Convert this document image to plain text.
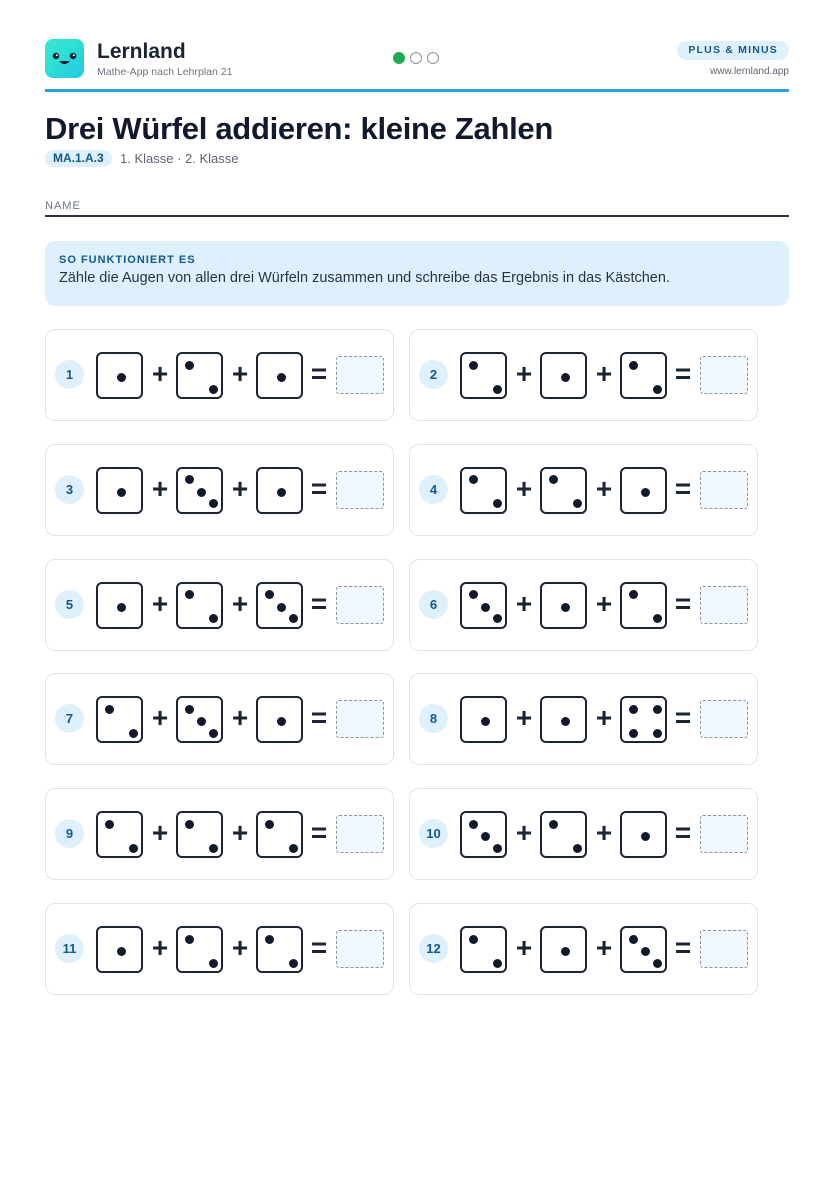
Lernland
Mathe-App nach Lehrplan 21
PLUS & MINUS
www.lernland.app
Drei Würfel addieren: kleine Zahlen
MA.1.A.3	1. Klasse · 2. Klasse
NAME
SO FUNKTIONIERT ES
Zähle die Augen von allen drei Würfeln zusammen und schreibe das Ergebnis in das Kästchen.
1	+ + =	2	+ + =
3	+ + =	4	+ + =
5	+ + =	6	+ + =
7	+ + =	8	+ + =
9	+ + =	10	+ + =
11	+ + =	12	+ + =
